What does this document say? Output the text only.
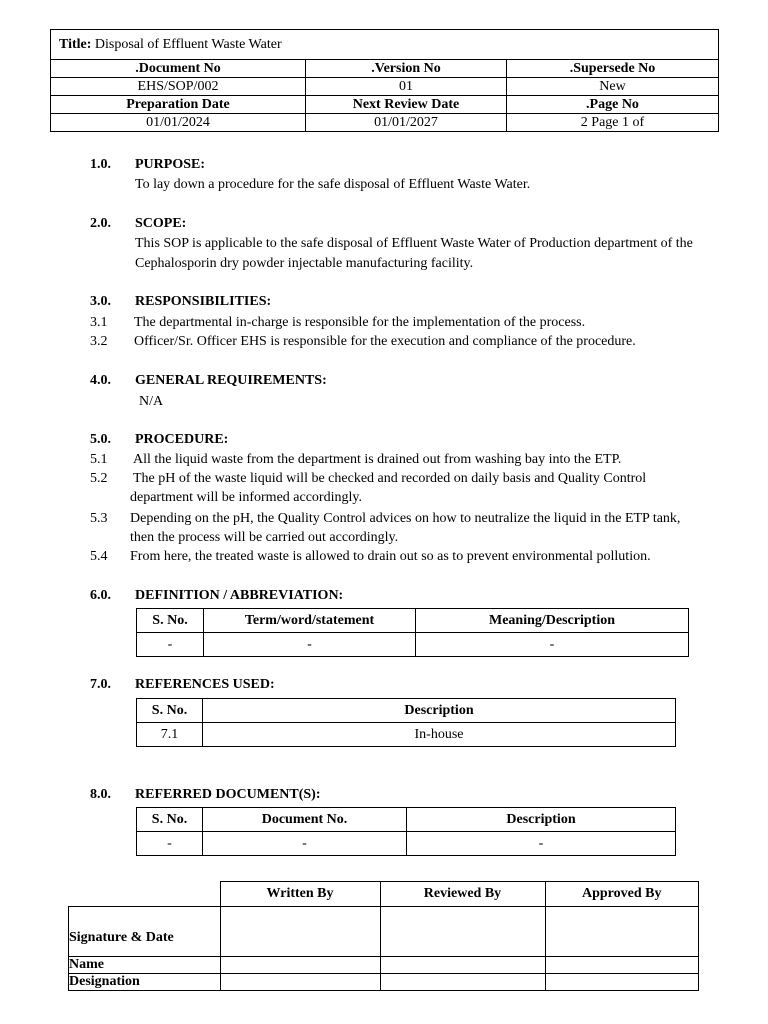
Title: Disposal of Effluent Waste Water		
.Document No	.Version No	.Supersede No
EHS/SOP/002	01	New
Preparation Date	Next Review Date	.Page No
01/01/2024	01/01/2027	2 Page 1 of
1.0. PURPOSE:
To lay down a procedure for the safe disposal of Effluent Waste Water.
2.0. SCOPE:
This SOP is applicable to the safe disposal of Effluent Waste Water of Production department of the
Cephalosporin dry powder injectable manufacturing facility.
3.0. RESPONSIBILITIES:
3.1 The departmental in-charge is responsible for the implementation of the process.
3.2 Officer/Sr. Officer EHS is responsible for the execution and compliance of the procedure.
4.0. GENERAL REQUIREMENTS:
N/A
5.0. PROCEDURE:
5.1 All the liquid waste from the department is drained out from washing bay into the ETP.
5.2 The pH of the waste liquid will be checked and recorded on daily basis and Quality Control
department will be informed accordingly.
5.3 Depending on the pH, the Quality Control advices on how to neutralize the liquid in the ETP tank,
then the process will be carried out accordingly.
5.4 From here, the treated waste is allowed to drain out so as to prevent environmental pollution.
6.0. DEFINITION / ABBREVIATION:
S. No.	Term/word/statement	Meaning/Description
-	-	-
7.0. REFERENCES USED:
S. No.	Description
7.1	In-house
8.0. REFERRED DOCUMENT(S):
S. No.	Document No.	Description
-	-	-
	Written By	Reviewed By	Approved By
Signature & Date			
Name			
Designation			
